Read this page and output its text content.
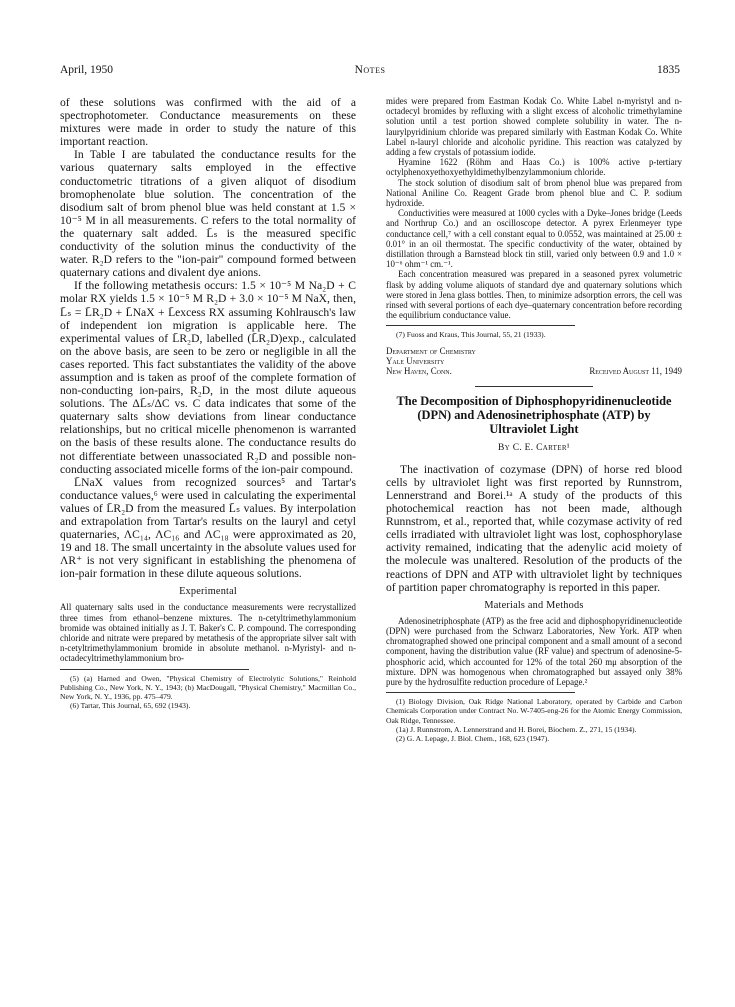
April, 1950	Notes	1835

of these solutions was confirmed with the aid of a spectrophotometer. Conductance measurements on these mixtures were made in order to study the nature of this important reaction.

In Table I are tabulated the conductance results for the various quaternary salts employed in the effective conductometric titrations of a given aliquot of disodium bromophenolate blue solution. The concentration of the disodium salt of brom phenol blue was held constant at 1.5 × 10⁻⁵ M in all measurements. C refers to the total normality of the quaternary salt added. L̄ₛ is the measured specific conductivity of the solution minus the conductivity of the water. R₂D refers to the "ion-pair" compound formed between quaternary cations and divalent dye anions.

If the following metathesis occurs: 1.5 × 10⁻⁵ M Na₂D + C molar RX yields 1.5 × 10⁻⁵ M R₂D + 3.0 × 10⁻⁵ M NaX, then, L̄ₛ = L̄R₂D + L̄NaX + L̄excess RX assuming Kohlrausch's law of independent ion migration is applicable here. The experimental values of L̄R₂D, labelled (L̄R₂D)exp., calculated on the above basis, are seen to be zero or negligible in all the cases reported. This fact substantiates the validity of the above assumption and is taken as proof of the complete formation of non-conducting ion-pairs, R₂D, in the most dilute aqueous solutions. The ΔL̄ₛ/ΔC vs. C data indicates that some of the quaternary salts show deviations from linear conductance relationships, but no critical micelle phenomenon is warranted on the basis of these results alone. The conductance results do not differentiate between unassociated R₂D and possible non-conducting associated micelle forms of the ion-pair compound.

L̄NaX values from recognized sources⁵ and Tartar's conductance values,⁶ were used in calculating the experimental values of L̄R₂D from the measured L̄ₛ values. By interpolation and extrapolation from Tartar's results on the lauryl and cetyl quaternaries, ΛC₁₄, ΛC₁₆ and ΛC₁₈ were approximated as 20, 19 and 18. The small uncertainty in the absolute values used for ΛR⁺ is not very significant in establishing the phenomena of ion-pair formation in these dilute aqueous solutions.

Experimental

All quaternary salts used in the conductance measurements were recrystallized three times from ethanol–benzene mixtures. The n-cetyltrimethylammonium bromide was obtained initially as J. T. Baker's C. P. compound. The corresponding chloride and nitrate were prepared by metathesis of the appropriate silver salt with n-cetyltrimethylammonium bromide in absolute methanol. n-Myristyl- and n-octadecyltrimethylammonium bro-

(5) (a) Harned and Owen, "Physical Chemistry of Electrolytic Solutions," Reinhold Publishing Co., New York, N. Y., 1943; (b) MacDougall, "Physical Chemistry," Macmillan Co., New York, N. Y., 1936, pp. 475–479.

(6) Tartar, This Journal, 65, 692 (1943).

mides were prepared from Eastman Kodak Co. White Label n-myristyl and n-octadecyl bromides by refluxing with a slight excess of alcoholic trimethylamine solution until a test portion showed complete solubility in water. The n-laurylpyridinium chloride was prepared similarly with Eastman Kodak Co. White Label n-lauryl chloride and alcoholic pyridine. This reaction was catalyzed by adding a few crystals of potassium iodide.

Hyamine 1622 (Röhm and Haas Co.) is 100% active p-tertiary octylphenoxyethoxyethyldimethylbenzylammonium chloride.

The stock solution of disodium salt of brom phenol blue was prepared from National Aniline Co. Reagent Grade brom phenol blue and C. P. sodium hydroxide.

Conductivities were measured at 1000 cycles with a Dyke–Jones bridge (Leeds and Northrup Co.) and an oscilloscope detector. A pyrex Erlenmeyer type conductance cell,⁷ with a cell constant equal to 0.0552, was maintained at 25.00 ± 0.01° in an oil thermostat. The specific conductivity of the water, obtained by distillation through a Barnstead block tin still, varied only between 0.9 and 1.0 × 10⁻⁶ ohm⁻¹ cm.⁻¹.

Each concentration measured was prepared in a seasoned pyrex volumetric flask by adding volume aliquots of standard dye and quaternary solutions which were stored in Jena glass bottles. Then, to minimize adsorption errors, the cell was rinsed with several portions of each dye–quaternary concentration before recording the equilibrium conductance value.

(7) Fuoss and Kraus, This Journal, 55, 21 (1933).

Department of Chemistry
Yale University
New Haven, Conn.	Received August 11, 1949
The Decomposition of Diphosphopyridinenucleotide (DPN) and Adenosinetriphosphate (ATP) by Ultraviolet Light
By C. E. Carter¹

The inactivation of cozymase (DPN) of horse red blood cells by ultraviolet light was first reported by Runnstrom, Lennerstrand and Borei.¹ᵃ A study of the products of this photochemical reaction has not been made, although Runnstrom, et al., reported that, while cozymase activity of red cells irradiated with ultraviolet light was lost, cophosphorylase activity remained, indicating that the adenylic acid moiety of the molecule was unaltered. Resolution of the products of the reactions of DPN and ATP with ultraviolet light by techniques of partition paper chromatography is reported in this paper.

Materials and Methods

Adenosinetriphosphate (ATP) as the free acid and diphosphopyridinenucleotide (DPN) were purchased from the Schwarz Laboratories, New York. ATP when chromatographed showed one principal component and a small amount of a second component, having the distribution value (RF value) and spectrum of adenosine-5-phosphoric acid, which accounted for 12% of the total 260 mμ absorption of the mixture. DPN was homogenous when chromatographed but assayed only 38% pure by the hydrosulfite reduction procedure of Lepage.²

(1) Biology Division, Oak Ridge National Laboratory, operated by Carbide and Carbon Chemicals Corporation under Contract No. W-7405-eng-26 for the Atomic Energy Commission, Oak Ridge, Tennessee.

(1a) J. Runnstrom, A. Lennerstrand and H. Borei, Biochem. Z., 271, 15 (1934).

(2) G. A. Lepage, J. Biol. Chem., 168, 623 (1947).
